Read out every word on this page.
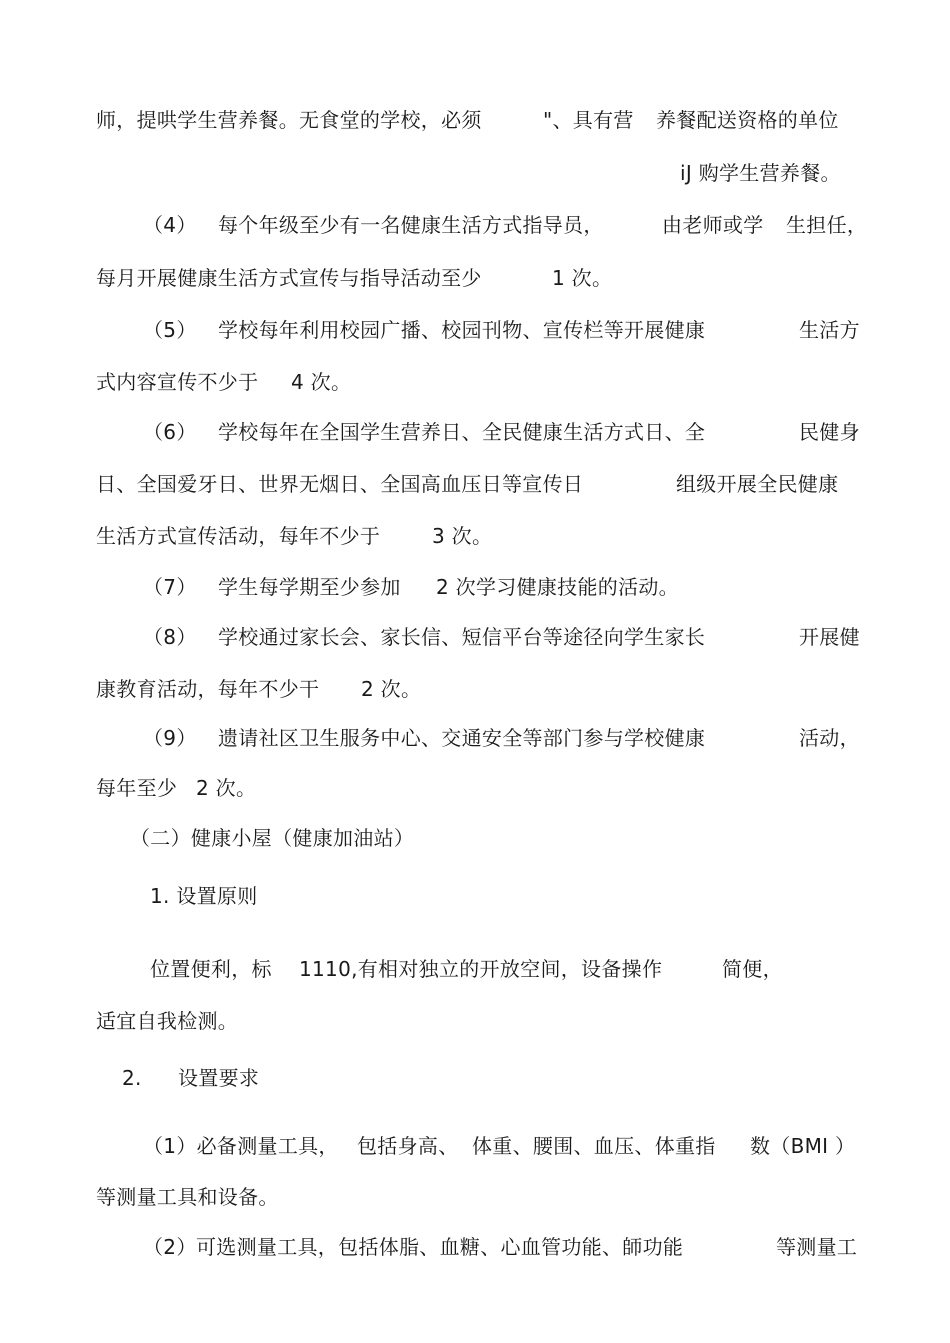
师，提哄学生营养餐。无食堂的学校，必须	"、具有营 养餐配送资格的单位
iJ 购学生营养餐。
（4） 每个年级至少有一名健康生活方式指导员，	由老师或学 生担任，
每月开展健康生活方式宣传与指导活动至少	1 次。
（5） 学校每年利用校园广播、校园刊物、宣传栏等开展健康	生活方
式内容宣传不少于 4 次。
（6） 学校每年在全国学生营养日、全民健康生活方式日、全	民健身
日、全国爱牙日、世界无烟日、全国高血压日等宣传日	组级开展全民健康
生活方式宣传活动，每年不少于	3 次。
（7） 学生每学期至少参加 2 次学习健康技能的活动。
（8） 学校通过家长会、家长信、短信平台等途径向学生家长	开展健
康教育活动，每年不少干 2 次。
（9） 遗请社区卫生服务中心、交通安全等部门参与学校健康	活动，
每年至少 2 次。
（二）健康小屋（健康加油站）
1. 设置原则
位置便利，标 1110,有相对独立的开放空间，设备操作	简便，
适宜自我检测。
2. 设置要求
（1）必备测量工具， 包括身高、 体重、腰围、血压、体重指 数（BMI ）
等测量工具和设备。
（2） 可选测量工具，包括体脂、血糖、心血管功能、師功能	等测量工
